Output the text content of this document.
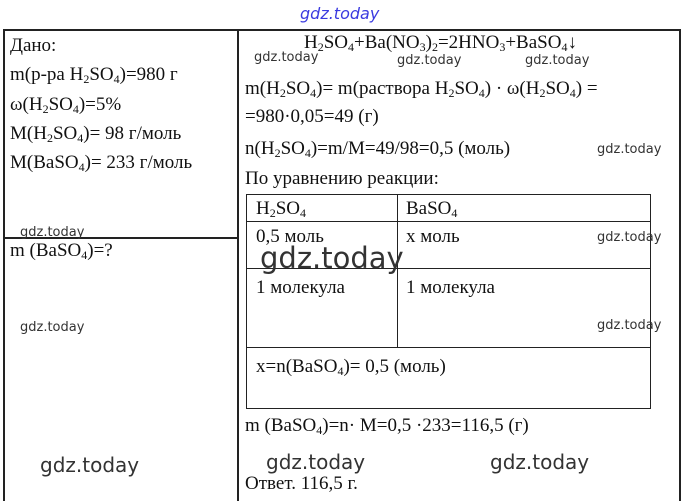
gdz.today
Дано:
m(р-ра $H_2SO_4)=980$ г
$\omega(H_2SO_4)=5\%$
$M(H_2SO_4)= 98$ г/моль
M(BaSO$_4$)= 233 г/моль
m (BaSO$_4$)=?
$H_2SO_4+Ba(NO_3)_2=2HNO_3+BaSO_4↓$
$m(H_2SO_4)=$ m(раствора $H_2SO_4) \cdot \omega(H_2SO_4)$ =
=980·0,05=49 (г)
$n(H_2SO_4)=m/M=49/98=0,5$ (моль)
По уравнению реакции:
$H_2SO_4$	BaSO$_4$
0,5 моль	x моль
1 молекула	1 молекула
x=n(BaSO$_4$)= 0,5 (моль)
m (BaSO$_4$)=n· M=0,5 ·233=116,5 (г)
Ответ. 116,5 г.
gdz.today	gdz.today	gdz.today
gdz.today
gdz.today	gdz.today
gdz.today
gdz.today	gdz.today
gdz.today	gdz.today	gdz.today
